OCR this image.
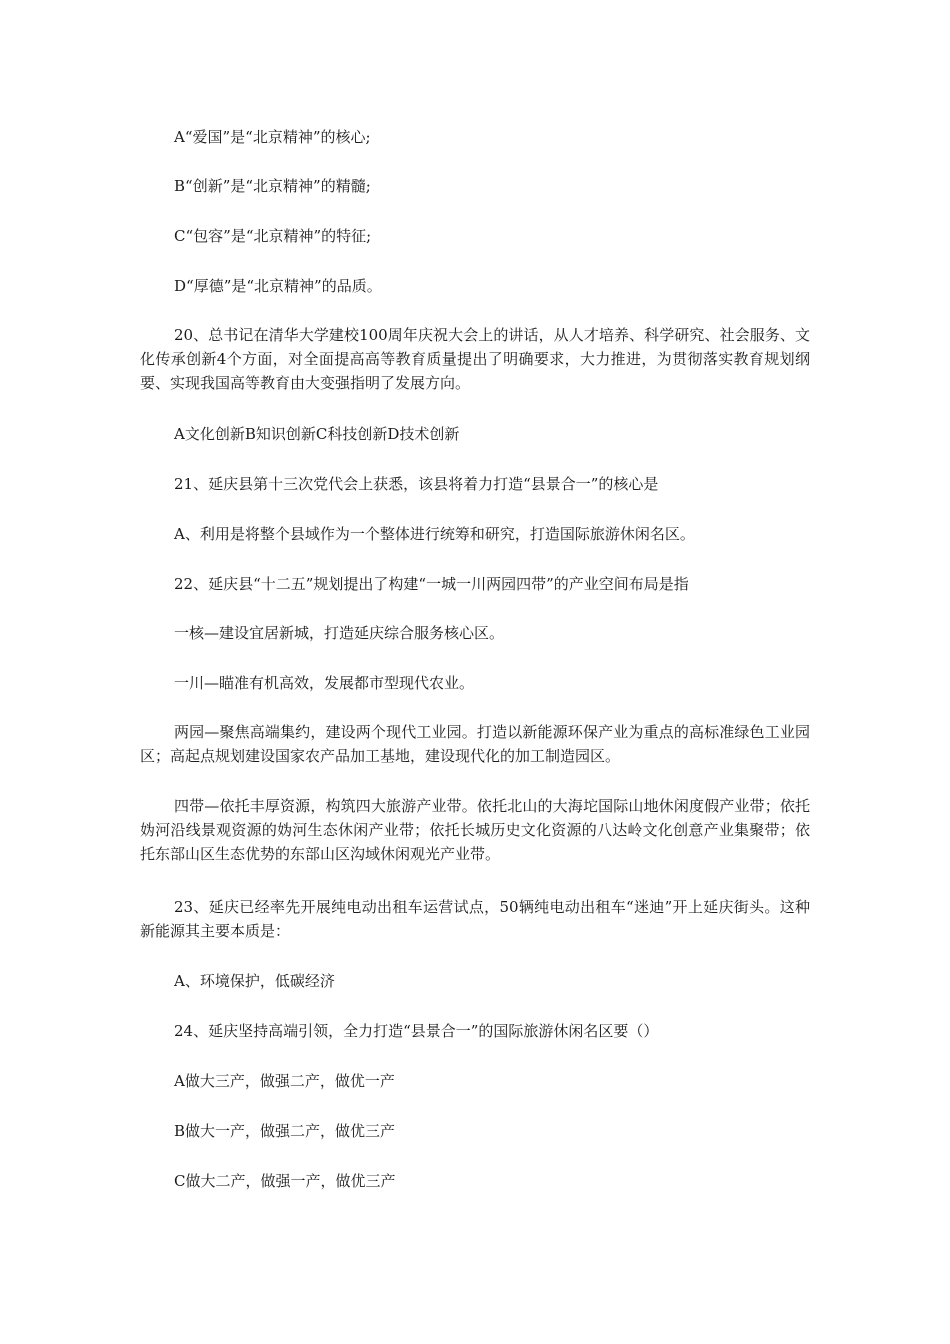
A“爱国”是“北京精神”的核心;

B“创新”是“北京精神”的精髓;

C“包容”是“北京精神”的特征;

D“厚德”是“北京精神”的品质。

20、总书记在清华大学建校100周年庆祝大会上的讲话，从人才培养、科学研究、社会服务、文化传承创新4个方面，对全面提高高等教育质量提出了明确要求，大力推进，为贯彻落实教育规划纲要、实现我国高等教育由大变强指明了发展方向。

A文化创新B知识创新C科技创新D技术创新

21、延庆县第十三次党代会上获悉，该县将着力打造“县景合一”的核心是

A、利用是将整个县域作为一个整体进行统筹和研究，打造国际旅游休闲名区。

22、延庆县“十二五”规划提出了构建“一城一川两园四带”的产业空间布局是指

一核—建设宜居新城，打造延庆综合服务核心区。

一川—瞄准有机高效，发展都市型现代农业。

两园—聚焦高端集约，建设两个现代工业园。打造以新能源环保产业为重点的高标准绿色工业园区；高起点规划建设国家农产品加工基地，建设现代化的加工制造园区。

四带—依托丰厚资源，构筑四大旅游产业带。依托北山的大海坨国际山地休闲度假产业带；依托妫河沿线景观资源的妫河生态休闲产业带；依托长城历史文化资源的八达岭文化创意产业集聚带；依托东部山区生态优势的东部山区沟域休闲观光产业带。

23、延庆已经率先开展纯电动出租车运营试点，50辆纯电动出租车“迷迪”开上延庆街头。这种新能源其主要本质是：

A、环境保护，低碳经济

24、延庆坚持高端引领，全力打造“县景合一”的国际旅游休闲名区要（）

A做大三产，做强二产，做优一产

B做大一产，做强二产，做优三产

C做大二产，做强一产，做优三产
